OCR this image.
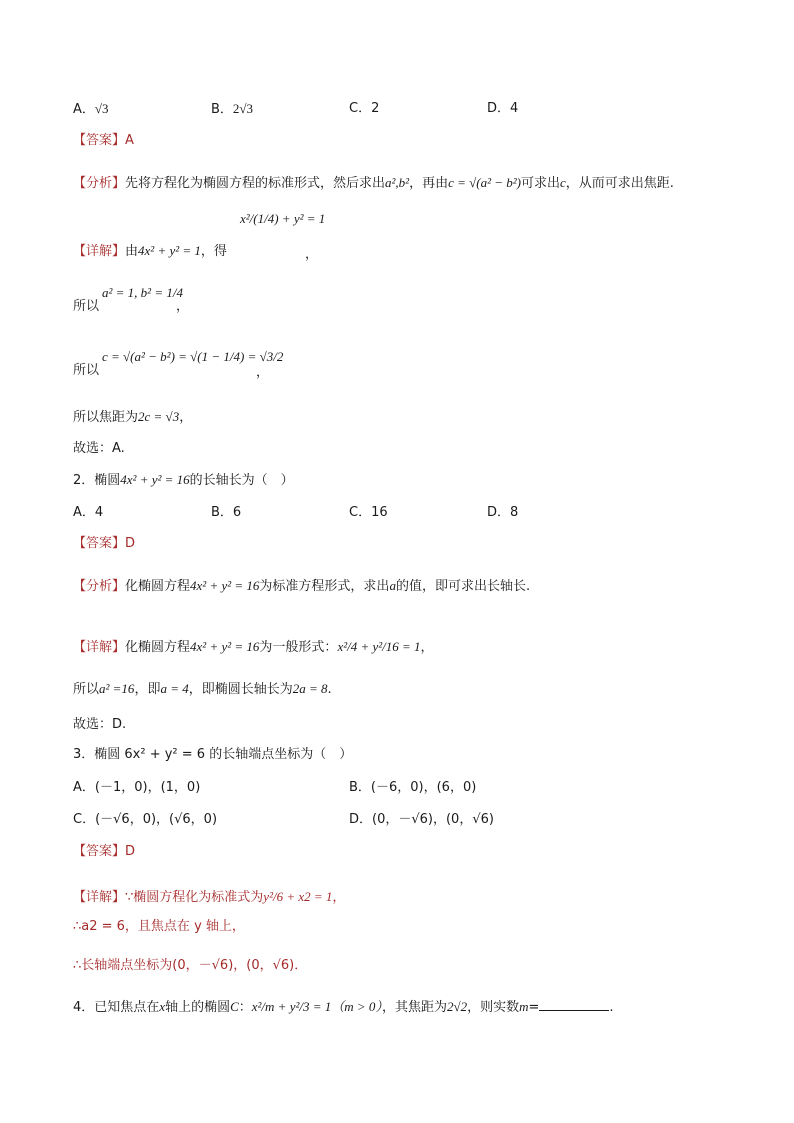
A．√3	B．2√3	C．2	D．4
【答案】A
【分析】先将方程化为椭圆方程的标准形式，然后求出a²,b²，再由c = √(a² − b²)可求出c，从而可求出焦距.
【详解】由4x² + y² = 1，得
x²/(1/4) + y² = 1
，
所以
a² = 1, b² = 1/4
，
所以
c = √(a² − b²) = √(1 − 1/4) = √3/2
，
所以焦距为2c = √3，
故选：A.
2．椭圆4x² + y² = 16的长轴长为（　）
A．4	B．6	C．16	D．8
【答案】D
【分析】化椭圆方程4x² + y² = 16为标准方程形式，求出a的值，即可求出长轴长.
【详解】化椭圆方程4x² + y² = 16为一般形式：x²/4 + y²/16 = 1，
所以a² =16，即a = 4，即椭圆长轴长为2a = 8.
故选：D.
3．椭圆 6x² + y² = 6 的长轴端点坐标为（　）
A．(－1，0)，(1，0)	B．(－6，0)，(6，0)
C．(－√6，0)，(√6，0)	D．(0，－√6)，(0，√6)
【答案】D
【详解】∵椭圆方程化为标准式为y²/6 + x2 = 1，
∴a2 = 6，且焦点在 y 轴上，
∴长轴端点坐标为(0，－√6)，(0，√6)．
4．已知焦点在x轴上的椭圆C：x²/m + y²/3 = 1（m > 0），其焦距为2√2，则实数m=	.
